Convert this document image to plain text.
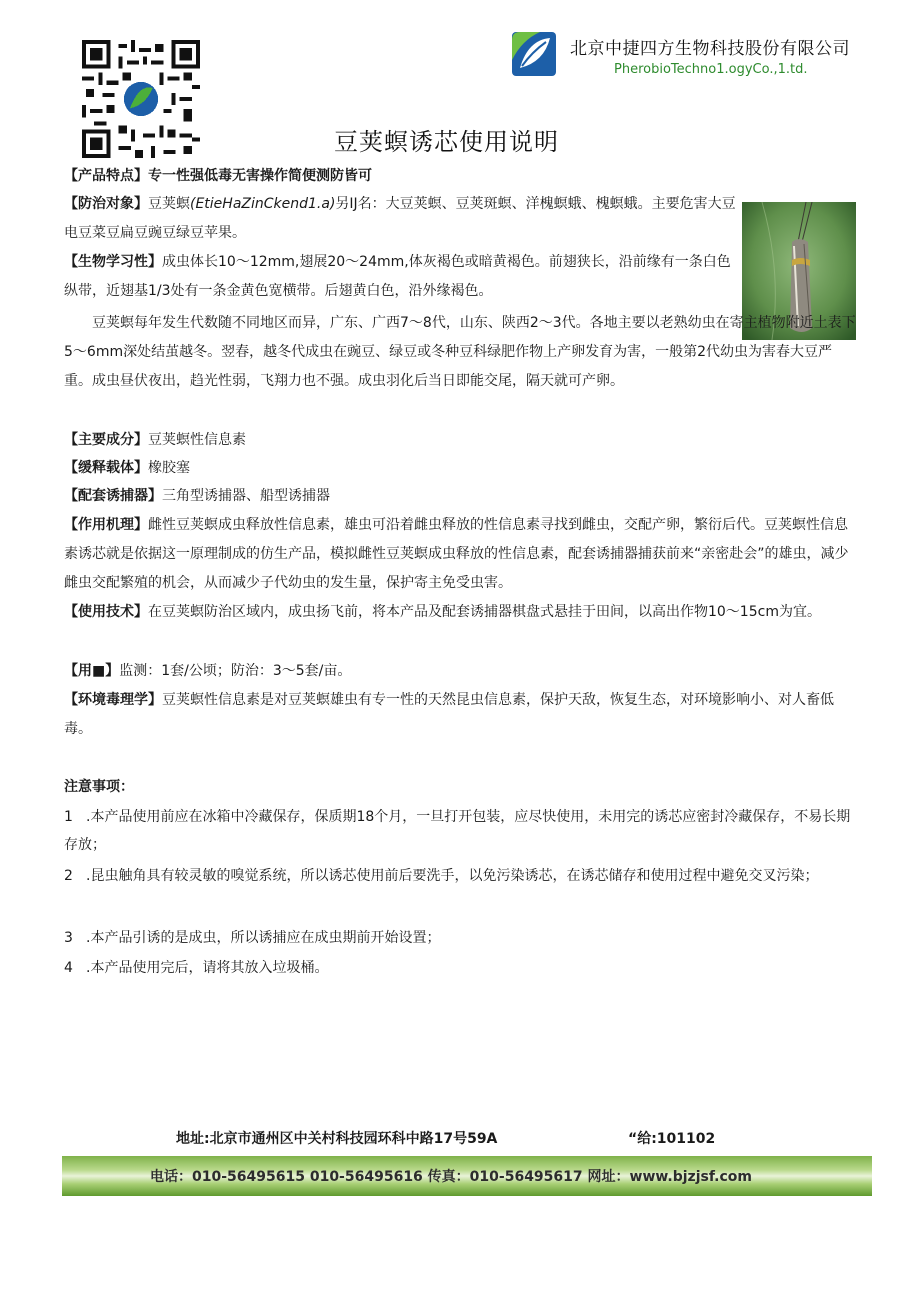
北京中捷四方生物科技股份有限公司
PherobioTechno1.ogyCo.,1.td.
豆荚螟诱芯使用说明
【产品特点】专一性强低毒无害操作简便测防皆可
【防治对象】豆荚螟(EtieHaZinCkend1.a)另IJ名：大豆荚螟、豆荚斑螟、洋槐螟蛾、槐螟蛾。主要危害大豆电豆菜豆扁豆豌豆绿豆苹果。
【生物学习性】成虫体长10～12mm,翅展20～24mm,体灰褐色或暗黄褐色。前翅狭长，沿前缘有一条白色纵带，近翅基1/3处有一条金黄色宽横带。后翅黄白色，沿外缘褐色。
豆荚螟每年发生代数随不同地区而异，广东、广西7～8代，山东、陕西2～3代。各地主要以老熟幼虫在寄主植物附近土表下5～6mm深处结茧越冬。翌春，越冬代成虫在豌豆、绿豆或冬种豆科绿肥作物上产卵发育为害，一般第2代幼虫为害春大豆严重。成虫昼伏夜出，趋光性弱，飞翔力也不强。成虫羽化后当日即能交尾，隔天就可产卵。
【主要成分】豆荚螟性信息素
【缓释载体】橡胶塞
【配套诱捕器】三角型诱捕器、船型诱捕器
【作用机理】雌性豆荚螟成虫释放性信息素，雄虫可沿着雌虫释放的性信息素寻找到雌虫，交配产卵，繁衍后代。豆荚螟性信息素诱芯就是依据这一原理制成的仿生产品，模拟雌性豆荚螟成虫释放的性信息素，配套诱捕器捕获前来“亲密赴会”的雄虫，减少雌虫交配繁殖的机会，从而减少子代幼虫的发生量，保护寄主免受虫害。
【使用技术】在豆荚螟防治区域内，成虫扬飞前，将本产品及配套诱捕器棋盘式悬挂于田间，以高出作物10～15cm为宜。
【用■】监测：1套/公顷；防治：3～5套/亩。
【环境毒理学】豆荚螟性信息素是对豆荚螟雄虫有专一性的天然昆虫信息素，保护天敌，恢复生态，对环境影响小、对人畜低毒。
注意事项：
1 .本产品使用前应在冰箱中冷藏保存，保质期18个月，一旦打开包装，应尽快使用，未用完的诱芯应密封冷藏保存，不易长期存放；
2 .昆虫触角具有较灵敏的嗅觉系统，所以诱芯使用前后要洗手，以免污染诱芯，在诱芯储存和使用过程中避免交叉污染；
3 .本产品引诱的是成虫，所以诱捕应在成虫期前开始设置；
4 .本产品使用完后，请将其放入垃圾桶。
地址:北京市通州区中关村科技园环科中路17号59A	“给:101102
电话：010-56495615 010-56495616 传真：010-56495617 网址：www.bjzjsf.com
